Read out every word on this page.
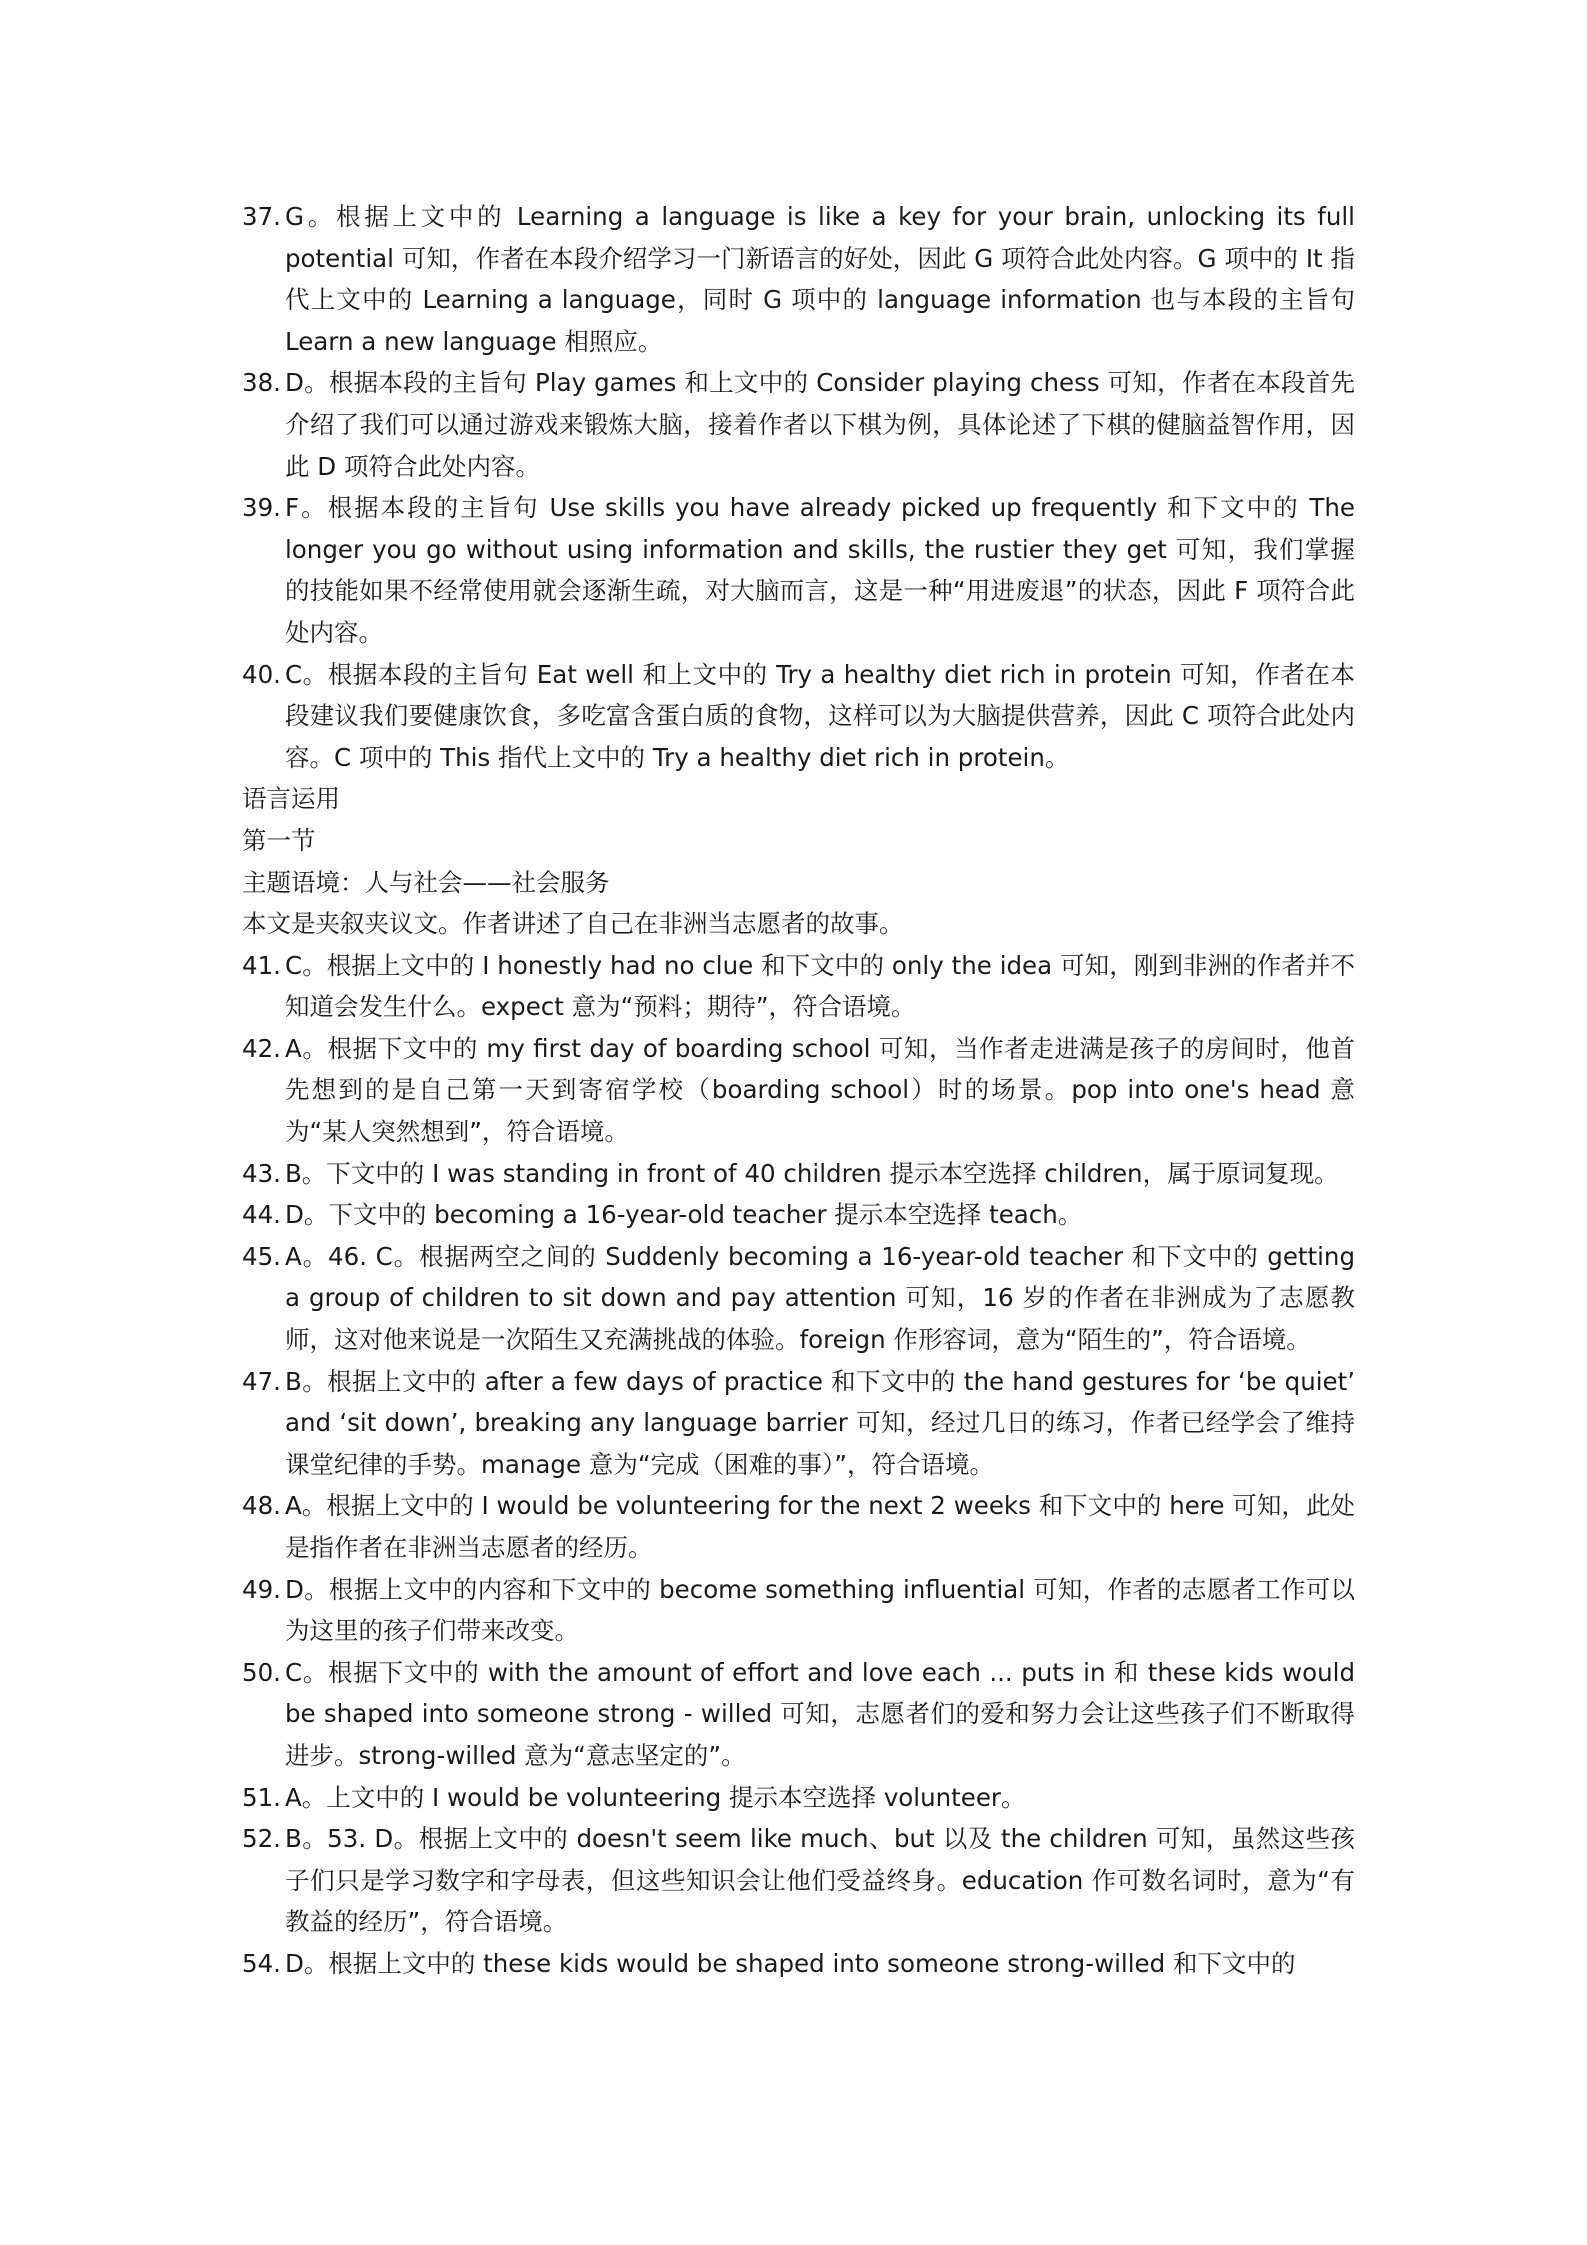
37. G。根据上文中的 Learning a language is like a key for your brain, unlocking its full potential 可知，作者在本段介绍学习一门新语言的好处，因此 G 项符合此处内容。G 项中的 It 指代上文中的 Learning a language，同时 G 项中的 language information 也与本段的主旨句 Learn a new language 相照应。
38. D。根据本段的主旨句 Play games 和上文中的 Consider playing chess 可知，作者在本段首先介绍了我们可以通过游戏来锻炼大脑，接着作者以下棋为例，具体论述了下棋的健脑益智作用，因此 D 项符合此处内容。
39. F。根据本段的主旨句 Use skills you have already picked up frequently 和下文中的 The longer you go without using information and skills, the rustier they get 可知，我们掌握的技能如果不经常使用就会逐渐生疏，对大脑而言，这是一种“用进废退”的状态，因此 F 项符合此处内容。
40. C。根据本段的主旨句 Eat well 和上文中的 Try a healthy diet rich in protein 可知，作者在本段建议我们要健康饮食，多吃富含蛋白质的食物，这样可以为大脑提供营养，因此 C 项符合此处内容。C 项中的 This 指代上文中的 Try a healthy diet rich in protein。
语言运用
第一节
主题语境：人与社会——社会服务
本文是夹叙夹议文。作者讲述了自己在非洲当志愿者的故事。
41. C。根据上文中的 I honestly had no clue 和下文中的 only the idea 可知，刚到非洲的作者并不知道会发生什么。expect 意为“预料；期待”，符合语境。
42. A。根据下文中的 my first day of boarding school 可知，当作者走进满是孩子的房间时，他首先想到的是自己第一天到寄宿学校（boarding school）时的场景。pop into one's head 意为“某人突然想到”，符合语境。
43. B。下文中的 I was standing in front of 40 children 提示本空选择 children，属于原词复现。
44. D。下文中的 becoming a 16-year-old teacher 提示本空选择 teach。
45. A。46. C。根据两空之间的 Suddenly becoming a 16-year-old teacher 和下文中的 getting a group of children to sit down and pay attention 可知，16 岁的作者在非洲成为了志愿教师，这对他来说是一次陌生又充满挑战的体验。foreign 作形容词，意为“陌生的”，符合语境。
47. B。根据上文中的 after a few days of practice 和下文中的 the hand gestures for ‘be quiet’ and ‘sit down’, breaking any language barrier 可知，经过几日的练习，作者已经学会了维持课堂纪律的手势。manage 意为“完成（困难的事）”，符合语境。
48. A。根据上文中的 I would be volunteering for the next 2 weeks 和下文中的 here 可知，此处是指作者在非洲当志愿者的经历。
49. D。根据上文中的内容和下文中的 become something influential 可知，作者的志愿者工作可以为这里的孩子们带来改变。
50. C。根据下文中的 with the amount of effort and love each ... puts in 和 these kids would be shaped into someone strong - willed 可知，志愿者们的爱和努力会让这些孩子们不断取得进步。strong-willed 意为“意志坚定的”。
51. A。上文中的 I would be volunteering 提示本空选择 volunteer。
52. B。53. D。根据上文中的 doesn't seem like much、but 以及 the children 可知，虽然这些孩子们只是学习数字和字母表，但这些知识会让他们受益终身。education 作可数名词时，意为“有教益的经历”，符合语境。
54. D。根据上文中的 these kids would be shaped into someone strong-willed 和下文中的
